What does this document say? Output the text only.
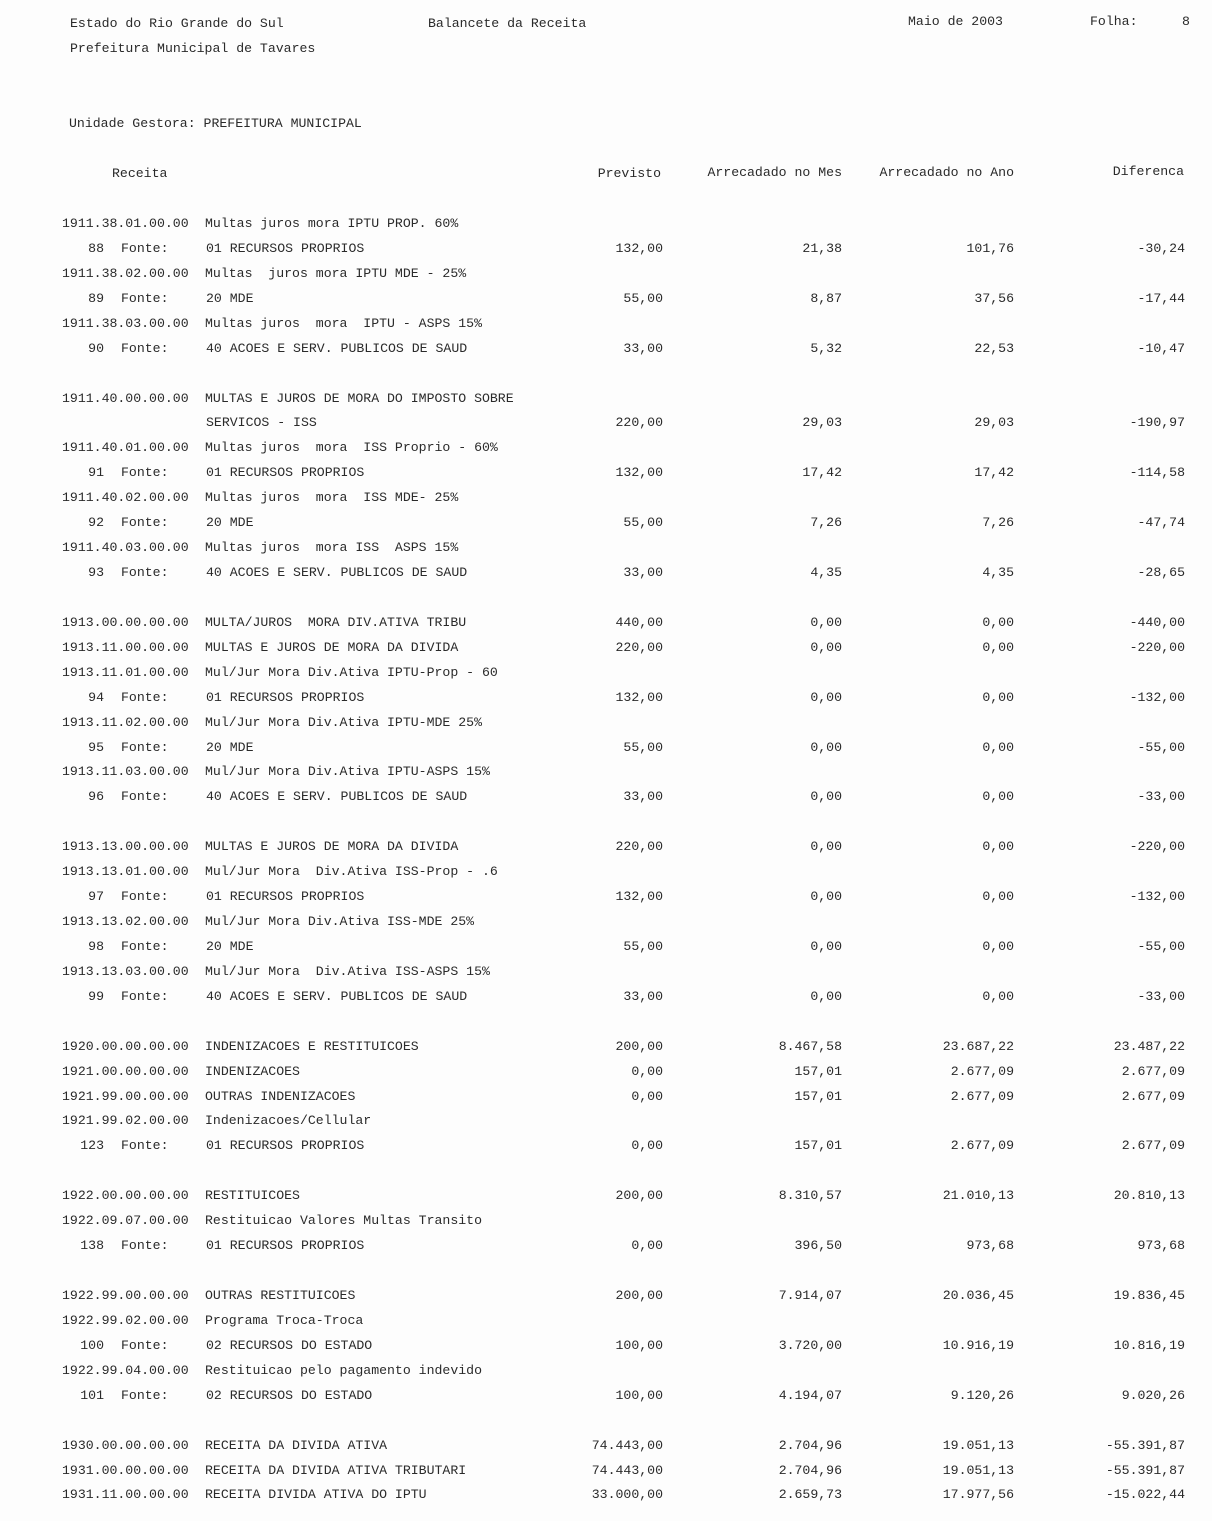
Estado do Rio Grande do Sul
Prefeitura Municipal de Tavares
Balancete da Receita	Maio de 2003	Folha:	8
Unidade Gestora: PREFEITURA MUNICIPAL
Receita	Previsto	Arrecadado no Mes	Arrecadado no Ano	Diferenca
1911.38.01.00.00 Multas juros mora IPTU PROP. 60%
88 Fonte:	01 RECURSOS PROPRIOS	132,00	21,38	101,76	-30,24
1911.38.02.00.00 Multas  juros mora IPTU MDE - 25%
89 Fonte:	20 MDE	55,00	8,87	37,56	-17,44
1911.38.03.00.00 Multas juros  mora  IPTU - ASPS 15%
90 Fonte:	40 ACOES E SERV. PUBLICOS DE SAUD	33,00	5,32	22,53	-10,47
1911.40.00.00.00 MULTAS E JUROS DE MORA DO IMPOSTO SOBRE
SERVICOS - ISS	220,00	29,03	29,03	-190,97
1911.40.01.00.00 Multas juros  mora  ISS Proprio - 60%
91 Fonte:	01 RECURSOS PROPRIOS	132,00	17,42	17,42	-114,58
1911.40.02.00.00 Multas juros  mora  ISS MDE- 25%
92 Fonte:	20 MDE	55,00	7,26	7,26	-47,74
1911.40.03.00.00 Multas juros  mora ISS  ASPS 15%
93 Fonte:	40 ACOES E SERV. PUBLICOS DE SAUD	33,00	4,35	4,35	-28,65
1913.00.00.00.00 MULTA/JUROS  MORA DIV.ATIVA TRIBU	440,00	0,00	0,00	-440,00
1913.11.00.00.00 MULTAS E JUROS DE MORA DA DIVIDA	220,00	0,00	0,00	-220,00
1913.11.01.00.00 Mul/Jur Mora Div.Ativa IPTU-Prop - 60
94 Fonte:	01 RECURSOS PROPRIOS	132,00	0,00	0,00	-132,00
1913.11.02.00.00 Mul/Jur Mora Div.Ativa IPTU-MDE 25%
95 Fonte:	20 MDE	55,00	0,00	0,00	-55,00
1913.11.03.00.00 Mul/Jur Mora Div.Ativa IPTU-ASPS 15%
96 Fonte:	40 ACOES E SERV. PUBLICOS DE SAUD	33,00	0,00	0,00	-33,00
1913.13.00.00.00 MULTAS E JUROS DE MORA DA DIVIDA	220,00	0,00	0,00	-220,00
1913.13.01.00.00 Mul/Jur Mora  Div.Ativa ISS-Prop - .6
97 Fonte:	01 RECURSOS PROPRIOS	132,00	0,00	0,00	-132,00
1913.13.02.00.00 Mul/Jur Mora Div.Ativa ISS-MDE 25%
98 Fonte:	20 MDE	55,00	0,00	0,00	-55,00
1913.13.03.00.00 Mul/Jur Mora  Div.Ativa ISS-ASPS 15%
99 Fonte:	40 ACOES E SERV. PUBLICOS DE SAUD	33,00	0,00	0,00	-33,00
1920.00.00.00.00 INDENIZACOES E RESTITUICOES	200,00	8.467,58	23.687,22	23.487,22
1921.00.00.00.00 INDENIZACOES	0,00	157,01	2.677,09	2.677,09
1921.99.00.00.00 OUTRAS INDENIZACOES	0,00	157,01	2.677,09	2.677,09
1921.99.02.00.00 Indenizacoes/Cellular
123 Fonte:	01 RECURSOS PROPRIOS	0,00	157,01	2.677,09	2.677,09
1922.00.00.00.00 RESTITUICOES	200,00	8.310,57	21.010,13	20.810,13
1922.09.07.00.00 Restituicao Valores Multas Transito
138 Fonte:	01 RECURSOS PROPRIOS	0,00	396,50	973,68	973,68
1922.99.00.00.00 OUTRAS RESTITUICOES	200,00	7.914,07	20.036,45	19.836,45
1922.99.02.00.00 Programa Troca-Troca
100 Fonte:	02 RECURSOS DO ESTADO	100,00	3.720,00	10.916,19	10.816,19
1922.99.04.00.00 Restituicao pelo pagamento indevido
101 Fonte:	02 RECURSOS DO ESTADO	100,00	4.194,07	9.120,26	9.020,26
1930.00.00.00.00 RECEITA DA DIVIDA ATIVA	74.443,00	2.704,96	19.051,13	-55.391,87
1931.00.00.00.00 RECEITA DA DIVIDA ATIVA TRIBUTARI	74.443,00	2.704,96	19.051,13	-55.391,87
1931.11.00.00.00 RECEITA DIVIDA ATIVA DO IPTU	33.000,00	2.659,73	17.977,56	-15.022,44
